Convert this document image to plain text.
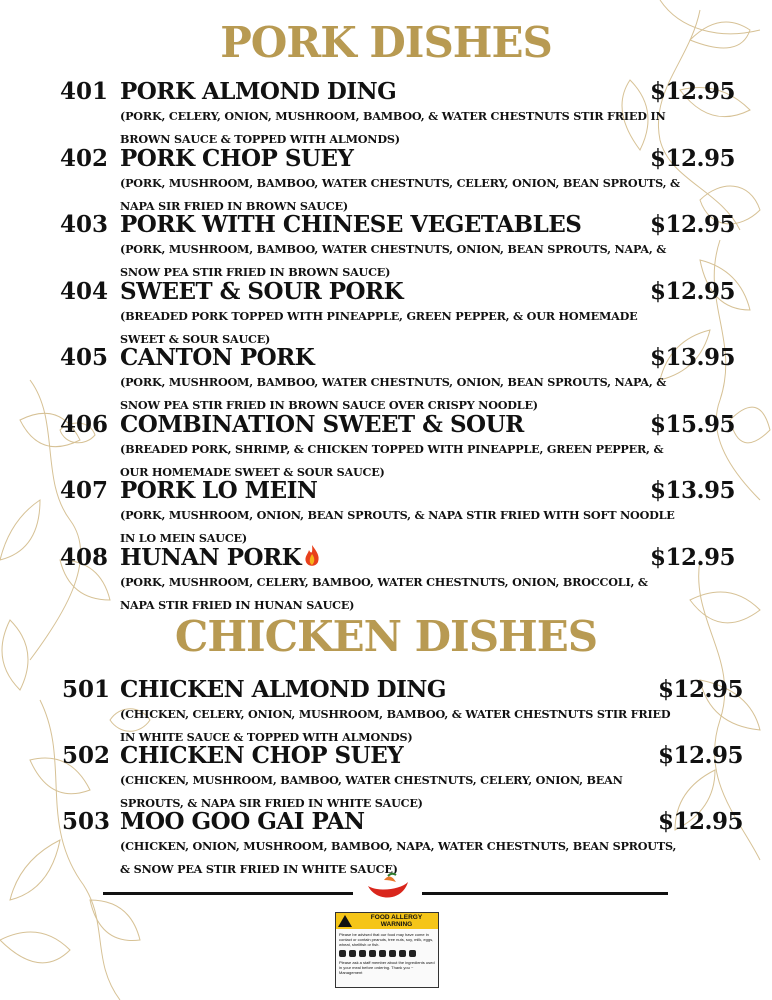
PORK DISHES
401 PORK ALMOND DING	$12.95
(PORK, CELERY, ONION, MUSHROOM, BAMBOO, & WATER CHESTNUTS STIR FRIED IN BROWN SAUCE & TOPPED WITH ALMONDS)
402 PORK CHOP SUEY	$12.95
(PORK, MUSHROOM, BAMBOO, WATER CHESTNUTS, CELERY, ONION, BEAN SPROUTS, & NAPA SIR FRIED IN BROWN SAUCE)
403 PORK WITH CHINESE VEGETABLES	$12.95
(PORK, MUSHROOM, BAMBOO, WATER CHESTNUTS, ONION, BEAN SPROUTS, NAPA, & SNOW PEA STIR FRIED IN BROWN SAUCE)
404 SWEET & SOUR PORK	$12.95
(BREADED PORK TOPPED WITH PINEAPPLE, GREEN PEPPER, & OUR HOMEMADE SWEET & SOUR SAUCE)
405 CANTON PORK	$13.95
(PORK, MUSHROOM, BAMBOO, WATER CHESTNUTS, ONION, BEAN SPROUTS, NAPA, & SNOW PEA STIR FRIED IN BROWN SAUCE OVER CRISPY NOODLE)
406 COMBINATION SWEET & SOUR	$15.95
(BREADED PORK, SHRIMP, & CHICKEN TOPPED WITH PINEAPPLE, GREEN PEPPER, & OUR HOMEMADE SWEET & SOUR SAUCE)
407 PORK LO MEIN	$13.95
(PORK, MUSHROOM, ONION, BEAN SPROUTS, & NAPA STIR FRIED WITH SOFT NOODLE IN LO MEIN SAUCE)
408 HUNAN PORK	$12.95
(PORK, MUSHROOM, CELERY, BAMBOO, WATER CHESTNUTS, ONION, BROCCOLI, & NAPA STIR FRIED IN HUNAN SAUCE)
CHICKEN DISHES
501 CHICKEN ALMOND DING	$12.95
(CHICKEN, CELERY, ONION, MUSHROOM, BAMBOO, & WATER CHESTNUTS STIR FRIED IN WHITE SAUCE & TOPPED WITH ALMONDS)
502 CHICKEN CHOP SUEY	$12.95
(CHICKEN, MUSHROOM, BAMBOO, WATER CHESTNUTS, CELERY, ONION, BEAN SPROUTS, & NAPA SIR FRIED IN WHITE SAUCE)
503 MOO GOO GAI PAN	$12.95
(CHICKEN, ONION, MUSHROOM, BAMBOO, NAPA, WATER CHESTNUTS, BEAN SPROUTS, & SNOW PEA STIR FRIED IN WHITE SAUCE)
FOOD ALLERGY WARNING
Please be advised that our food may have come in contact or contain peanuts, tree nuts, soy, milk, eggs, wheat, shellfish or fish.
Please ask a staff member about the ingredients used in your meal before ordering. Thank you ~ Management
